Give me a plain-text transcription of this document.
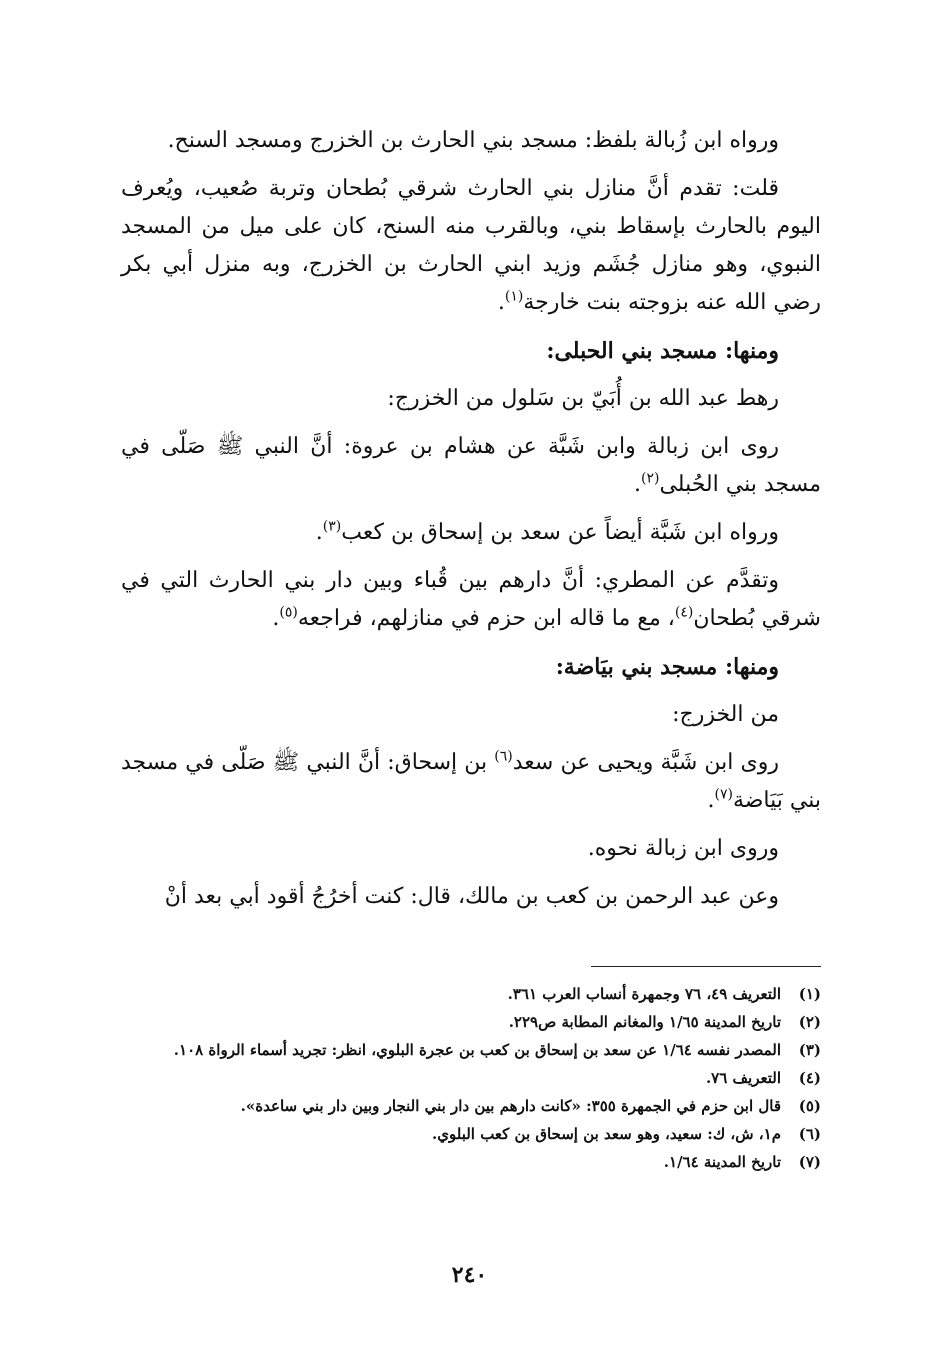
ورواه ابن زُبالة بلفظ: مسجد بني الحارث بن الخزرج ومسجد السنح.

قلت: تقدم أنَّ منازل بني الحارث شرقي بُطحان وتربة صُعيب، ويُعرف اليوم بالحارث بإسقاط بني، وبالقرب منه السنح، كان على ميل من المسجد النبوي، وهو منازل جُشَم وزيد ابني الحارث بن الخزرج، وبه منزل أبي بكر رضي الله عنه بزوجته بنت خارجة$^{(١)}$.

ومنها: مسجد بني الحبلى:

رهط عبد الله بن أُبَيّ بن سَلول من الخزرج:

روى ابن زبالة وابن شَبَّة عن هشام بن عروة: أنَّ النبي ﷺ صَلّى في مسجد بني الحُبلى$^{(٢)}$.

ورواه ابن شَبَّة أيضاً عن سعد بن إسحاق بن كعب$^{(٣)}$.

وتقدَّم عن المطري: أنَّ دارهم بين قُباء وبين دار بني الحارث التي في شرقي بُطحان$^{(٤)}$، مع ما قاله ابن حزم في منازلهم، فراجعه$^{(٥)}$.

ومنها: مسجد بني بيَاضة:

من الخزرج:

روى ابن شَبَّة ويحيى عن سعد$^{(٦)}$ بن إسحاق: أنَّ النبي ﷺ صَلّى في مسجد بني بَيَاضة$^{(٧)}$.

وروى ابن زبالة نحوه.

وعن عبد الرحمن بن كعب بن مالك، قال: كنت أخرُجُ أقود أبي بعد أنْ

(١)
التعريف ٤٩، ٧٦ وجمهرة أنساب العرب ٣٦١.
(٢)
تاريخ المدينة ١/٦٥ والمغانم المطابة ص٢٢٩.
(٣)
المصدر نفسه ١/٦٤ عن سعد بن إسحاق بن كعب بن عجرة البلوي، انظر: تجريد أسماء الرواة ١٠٨.
(٤)
التعريف ٧٦.
(٥)
قال ابن حزم في الجمهرة ٣٥٥: «كانت دارهم بين دار بني النجار وبين دار بني ساعدة».
(٦)
م١، ش، ك: سعيد، وهو سعد بن إسحاق بن كعب البلوي.
(٧)
تاريخ المدينة ١/٦٤.
٢٤٠
